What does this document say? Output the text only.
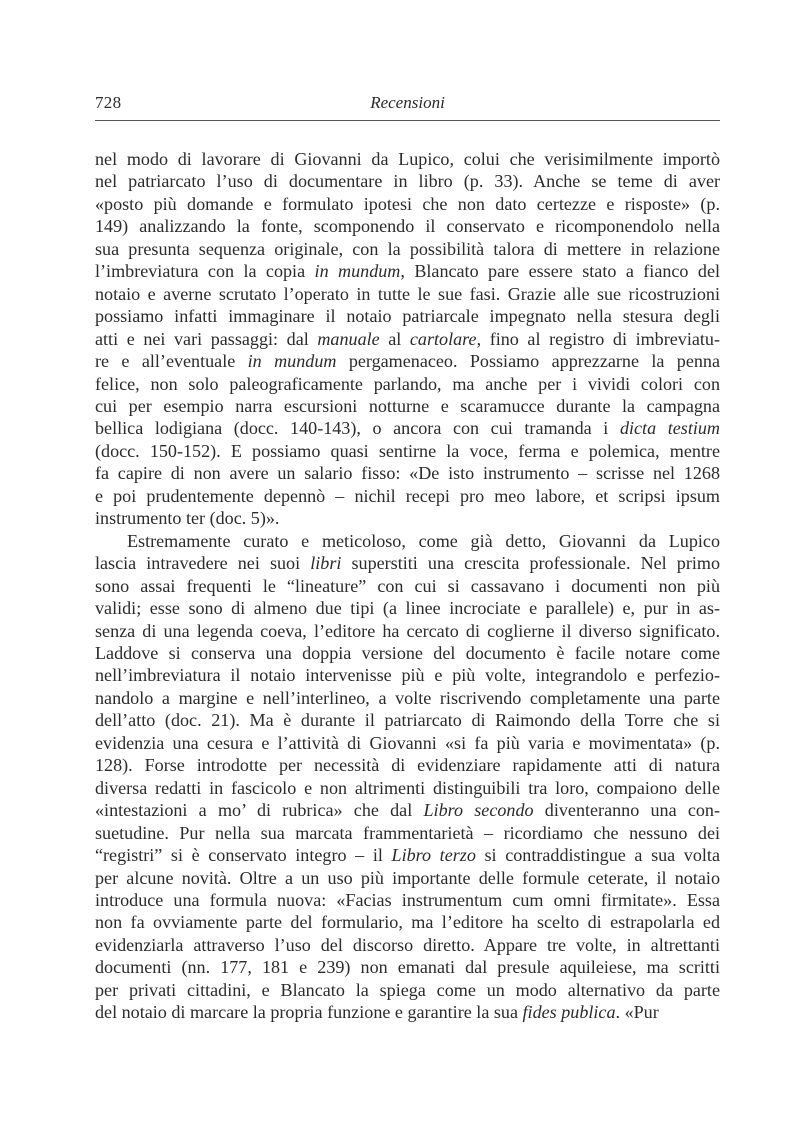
728	Recensioni
nel modo di lavorare di Giovanni da Lupico, colui che verisimilmente importò
nel patriarcato l’uso di documentare in libro (p. 33). Anche se teme di aver
«posto più domande e formulato ipotesi che non dato certezze e risposte» (p.
149) analizzando la fonte, scomponendo il conservato e ricomponendolo nella
sua presunta sequenza originale, con la possibilità talora di mettere in relazione
l’imbreviatura con la copia in mundum, Blancato pare essere stato a fianco del
notaio e averne scrutato l’operato in tutte le sue fasi. Grazie alle sue ricostruzioni
possiamo infatti immaginare il notaio patriarcale impegnato nella stesura degli
atti e nei vari passaggi: dal manuale al cartolare, fino al registro di imbreviatu-
re e all’eventuale in mundum pergamenaceo. Possiamo apprezzarne la penna
felice, non solo paleograficamente parlando, ma anche per i vividi colori con
cui per esempio narra escursioni notturne e scaramucce durante la campagna
bellica lodigiana (docc. 140-143), o ancora con cui tramanda i dicta testium
(docc. 150-152). E possiamo quasi sentirne la voce, ferma e polemica, mentre
fa capire di non avere un salario fisso: «De isto instrumento – scrisse nel 1268
e poi prudentemente depennò – nichil recepi pro meo labore, et scripsi ipsum
instrumento ter (doc. 5)».
Estremamente curato e meticoloso, come già detto, Giovanni da Lupico
lascia intravedere nei suoi libri superstiti una crescita professionale. Nel primo
sono assai frequenti le “lineature” con cui si cassavano i documenti non più
validi; esse sono di almeno due tipi (a linee incrociate e parallele) e, pur in as-
senza di una legenda coeva, l’editore ha cercato di coglierne il diverso significato.
Laddove si conserva una doppia versione del documento è facile notare come
nell’imbreviatura il notaio intervenisse più e più volte, integrandolo e perfezio-
nandolo a margine e nell’interlineo, a volte riscrivendo completamente una parte
dell’atto (doc. 21). Ma è durante il patriarcato di Raimondo della Torre che si
evidenzia una cesura e l’attività di Giovanni «si fa più varia e movimentata» (p.
128). Forse introdotte per necessità di evidenziare rapidamente atti di natura
diversa redatti in fascicolo e non altrimenti distinguibili tra loro, compaiono delle
«intestazioni a mo’ di rubrica» che dal Libro secondo diventeranno una con-
suetudine. Pur nella sua marcata frammentarietà – ricordiamo che nessuno dei
“registri” si è conservato integro – il Libro terzo si contraddistingue a sua volta
per alcune novità. Oltre a un uso più importante delle formule ceterate, il notaio
introduce una formula nuova: «Facias instrumentum cum omni firmitate». Essa
non fa ovviamente parte del formulario, ma l’editore ha scelto di estrapolarla ed
evidenziarla attraverso l’uso del discorso diretto. Appare tre volte, in altrettanti
documenti (nn. 177, 181 e 239) non emanati dal presule aquileiese, ma scritti
per privati cittadini, e Blancato la spiega come un modo alternativo da parte
del notaio di marcare la propria funzione e garantire la sua fides publica. «Pur
